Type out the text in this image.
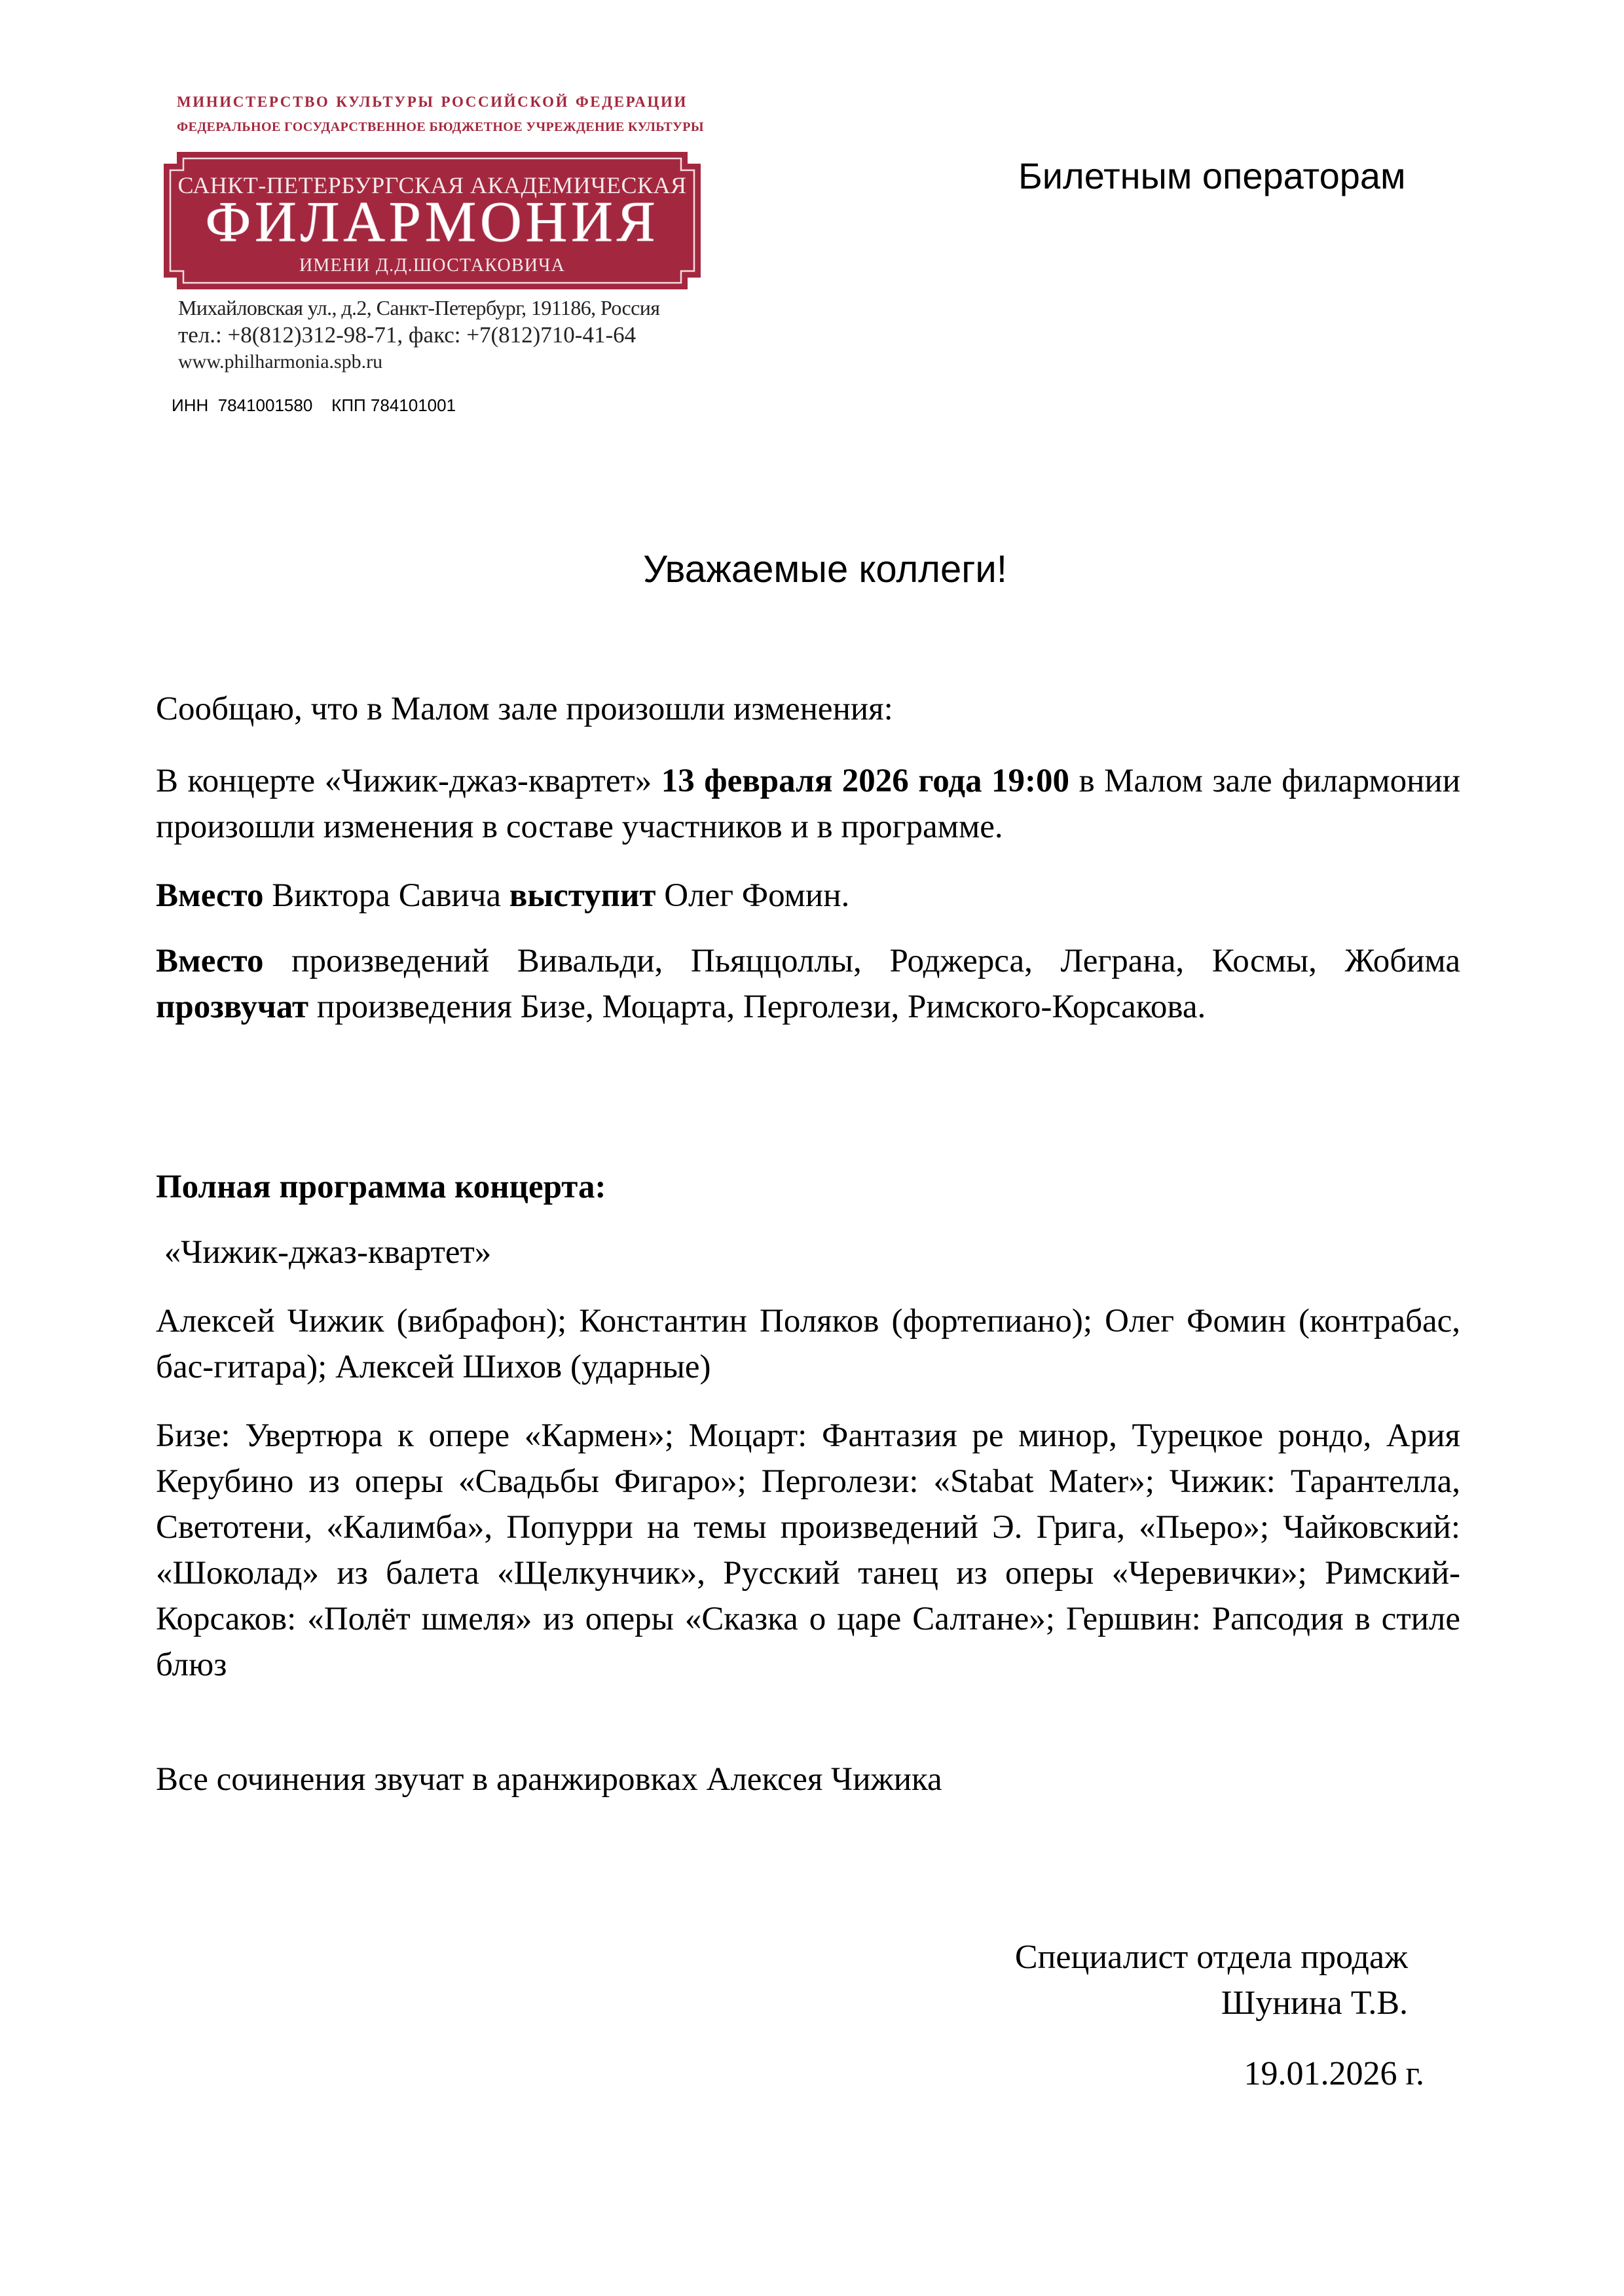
МИНИСТЕРСТВО КУЛЬТУРЫ РОССИЙСКОЙ ФЕДЕРАЦИИ
ФЕДЕРАЛЬНОЕ ГОСУДАРСТВЕННОЕ БЮДЖЕТНОЕ УЧРЕЖДЕНИЕ КУЛЬТУРЫ
САНКТ-ПЕТЕРБУРГСКАЯ АКАДЕМИЧЕСКАЯ
ФИЛАРМОНИЯ
ИМЕНИ Д.Д.ШОСТАКОВИЧА
Михайловская ул., д.2, Санкт-Петербург, 191186, Россия
тел.: +8(812)312-98-71, факс: +7(812)710-41-64
www.philharmonia.spb.ru
ИНН  7841001580    КПП 784101001
Билетным операторам
Уважаемые коллеги!

Сообщаю, что в Малом зале произошли изменения:

В концерте «Чижик-джаз-квартет» 13 февраля 2026 года 19:00 в Малом зале филармонии произошли изменения в составе участников и в программе.

Вместо Виктора Савича выступит Олег Фомин.

Вместо произведений Вивальди, Пьяццоллы, Роджерса, Леграна, Космы, Жобима прозвучат произведения Бизе, Моцарта, Перголези, Римского-Корсакова.

Полная программа концерта:

«Чижик-джаз-квартет»

Алексей Чижик (вибрафон); Константин Поляков (фортепиано); Олег Фомин (контрабас, бас-гитара); Алексей Шихов (ударные)

Бизе: Увертюра к опере «Кармен»; Моцарт: Фантазия ре минор, Турецкое рондо, Ария Керубино из оперы «Свадьбы Фигаро»; Перголези: «Stabat Mater»; Чижик: Тарантелла, Светотени, «Калимба», Попурри на темы произведений Э. Грига, «Пьеро»; Чайковский: «Шоколад» из балета «Щелкунчик», Русский танец из оперы «Черевички»; Римский-Корсаков: «Полёт шмеля» из оперы «Сказка о царе Салтане»; Гершвин: Рапсодия в стиле блюз

Все сочинения звучат в аранжировках Алексея Чижика

Специалист отдела продаж
Шунина Т.В.
19.01.2026 г.
